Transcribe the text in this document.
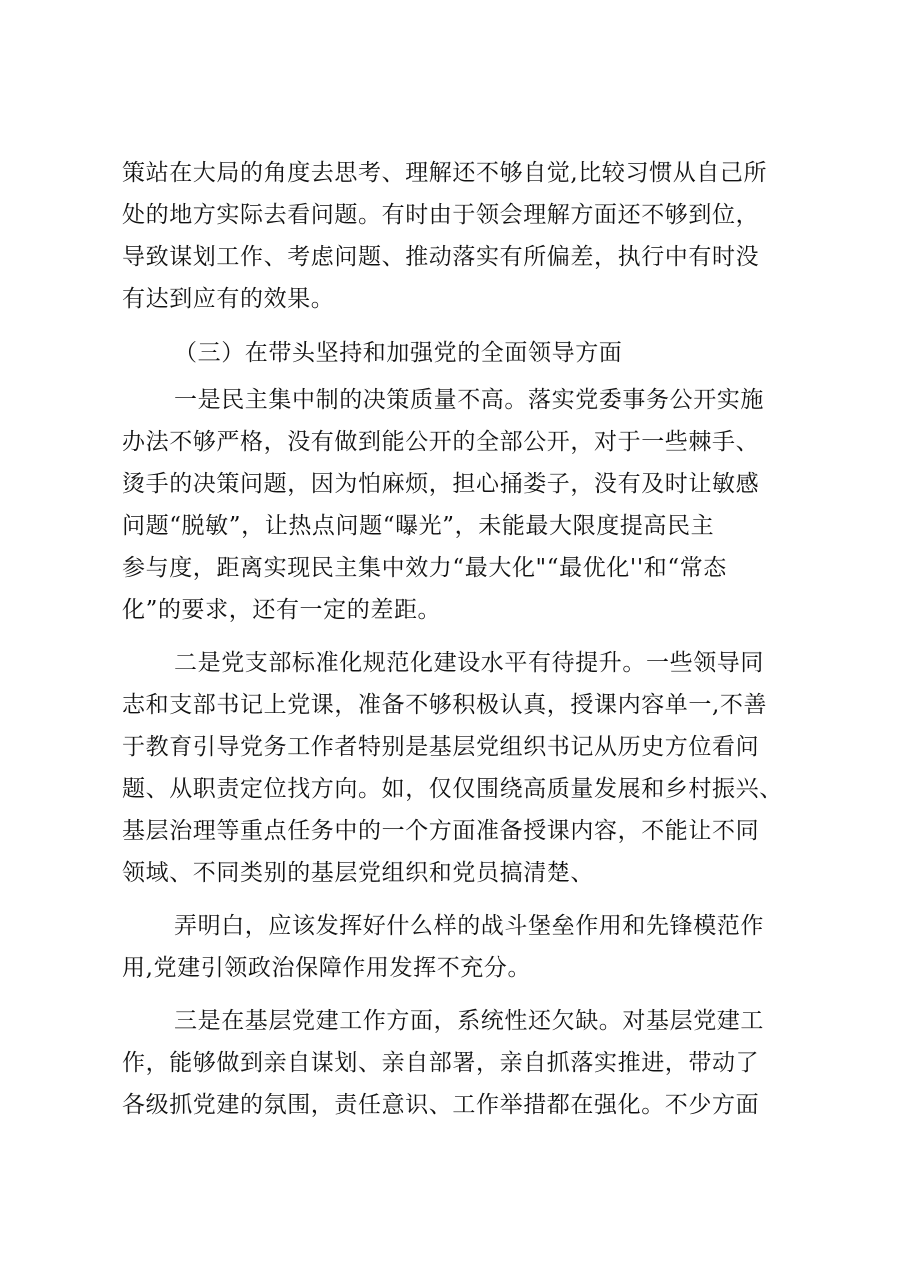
策站在大局的角度去思考、理解还不够自觉,比较习惯从自己所
处的地方实际去看问题。有时由于领会理解方面还不够到位，
导致谋划工作、考虑问题、推动落实有所偏差，执行中有时没
有达到应有的效果。
（三）在带头坚持和加强党的全面领导方面
一是民主集中制的决策质量不高。落实党委事务公开实施
办法不够严格，没有做到能公开的全部公开，对于一些棘手、
烫手的决策问题，因为怕麻烦，担心捅娄子，没有及时让敏感
问题“脱敏”，让热点问题“曝光”，未能最大限度提高民主
参与度，距离实现民主集中效力“最大化"“最优化''和“常态
化”的要求，还有一定的差距。
二是党支部标准化规范化建设水平有待提升。一些领导同
志和支部书记上党课，准备不够积极认真，授课内容单一,不善
于教育引导党务工作者特别是基层党组织书记从历史方位看问
题、从职责定位找方向。如，仅仅围绕高质量发展和乡村振兴、
基层治理等重点任务中的一个方面准备授课内容，不能让不同
领域、不同类别的基层党组织和党员搞清楚、
弄明白，应该发挥好什么样的战斗堡垒作用和先锋模范作
用,党建引领政治保障作用发挥不充分。
三是在基层党建工作方面，系统性还欠缺。对基层党建工
作，能够做到亲自谋划、亲自部署，亲自抓落实推进，带动了
各级抓党建的氛围，责任意识、工作举措都在强化。不少方面
